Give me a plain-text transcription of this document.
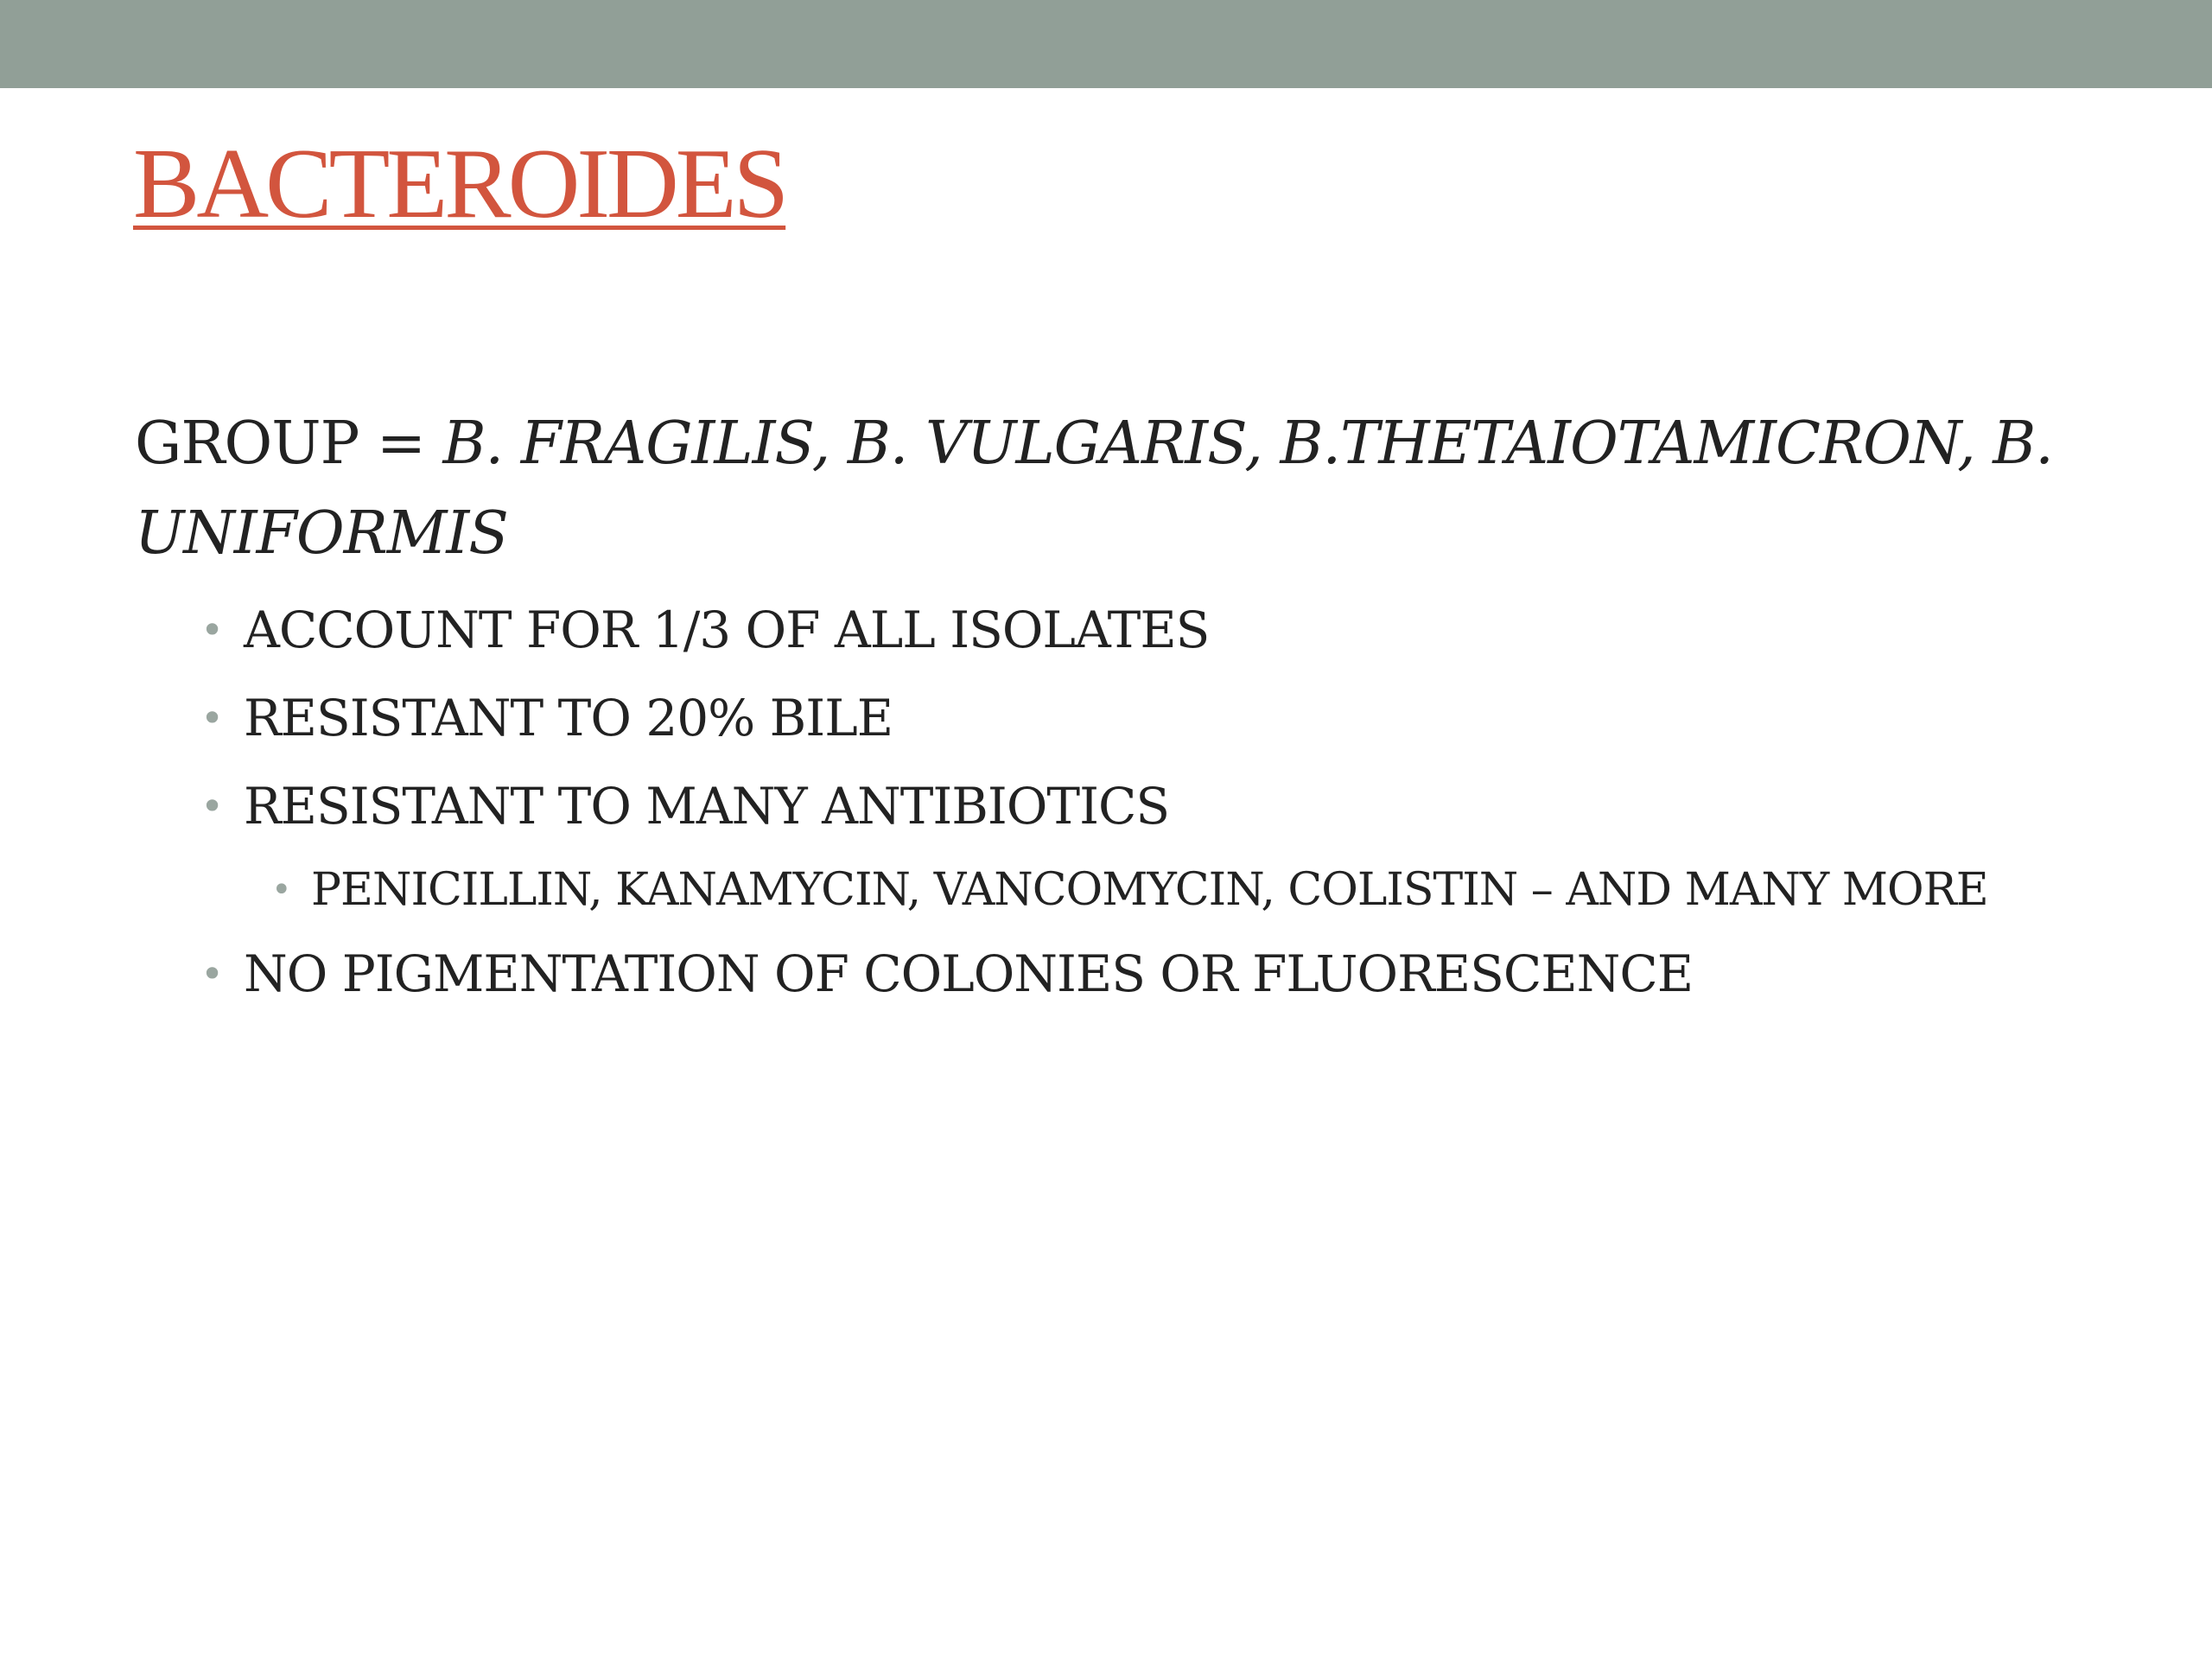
BACTEROIDES

GROUP = B. FRAGILIS, B. VULGARIS, B.THETAIOTAMICRON, B. UNIFORMIS

• ACCOUNT FOR 1/3 OF ALL ISOLATES
• RESISTANT TO 20% BILE
• RESISTANT TO MANY ANTIBIOTICS
• PENICILLIN, KANAMYCIN, VANCOMYCIN, COLISTIN – AND MANY MORE
• NO PIGMENTATION OF COLONIES OR FLUORESCENCE
